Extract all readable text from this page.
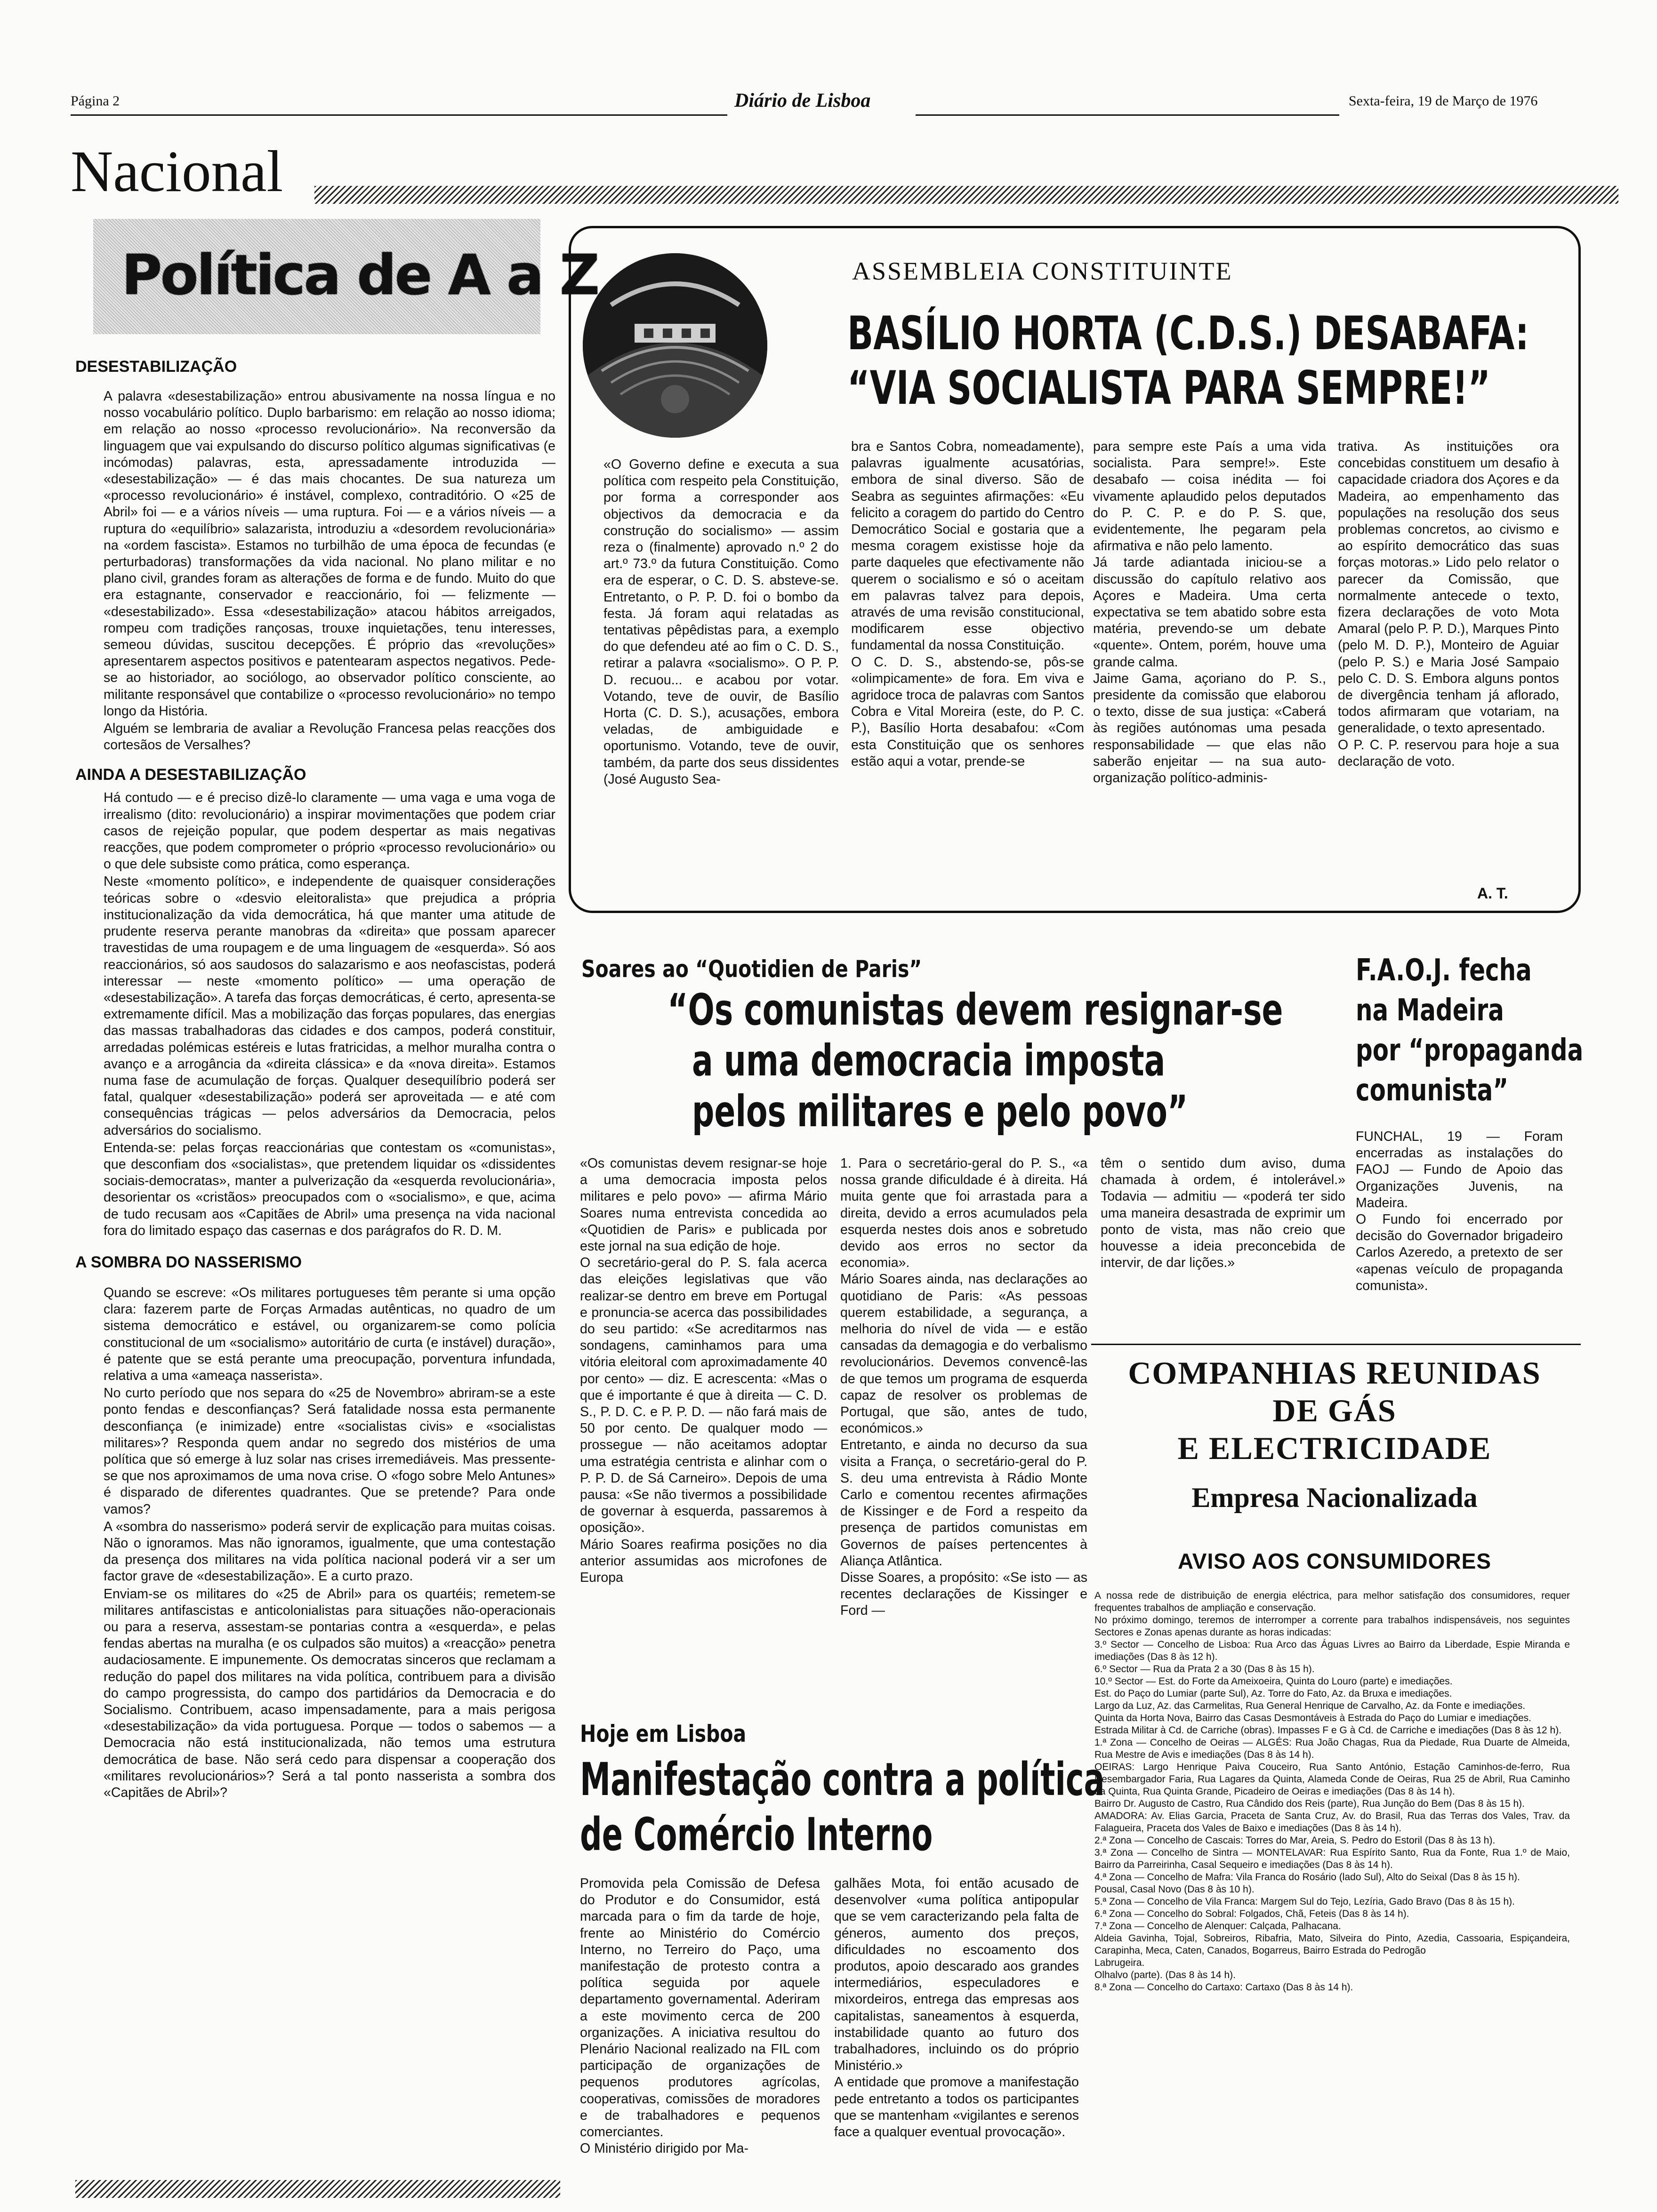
Página 2	Diário de Lisboa	Sexta-feira, 19 de Março de 1976
Nacional
Política de A a Z
DESESTABILIZAÇÃO

A palavra «desestabilização» entrou abusivamente na nossa língua e no nosso vocabulário político. Duplo barbarismo: em relação ao nosso idioma; em relação ao nosso «processo revolucionário». Na reconversão da linguagem que vai expulsando do discurso político algumas significativas (e incómodas) palavras, esta, apressadamente introduzida — «desestabilização» — é das mais chocantes. De sua natureza um «processo revolucionário» é instável, complexo, contraditório. O «25 de Abril» foi — e a vários níveis — uma ruptura. Foi — e a vários níveis — a ruptura do «equilíbrio» salazarista, introduziu a «desordem revolucionária» na «ordem fascista». Estamos no turbilhão de uma época de fecundas (e perturbadoras) transformações da vida nacional. No plano militar e no plano civil, grandes foram as alterações de forma e de fundo. Muito do que era estagnante, conservador e reaccionário, foi — felizmente — «desestabilizado». Essa «desestabilização» atacou hábitos arreigados, rompeu com tradições rançosas, trouxe inquietações, tenu interesses, semeou dúvidas, suscitou decepções. É próprio das «revoluções» apresentarem aspectos positivos e patentearam aspectos negativos. Pede-se ao historiador, ao sociólogo, ao observador político consciente, ao militante responsável que contabilize o «processo revolucionário» no tempo longo da História.

Alguém se lembraria de avaliar a Revolução Francesa pelas reacções dos cortesãos de Versalhes?

AINDA A DESESTABILIZAÇÃO

Há contudo — e é preciso dizê-lo claramente — uma vaga e uma voga de irrealismo (dito: revolucionário) a inspirar movimentações que podem criar casos de rejeição popular, que podem despertar as mais negativas reacções, que podem comprometer o próprio «processo revolucionário» ou o que dele subsiste como prática, como esperança.

Neste «momento político», e independente de quaisquer considerações teóricas sobre o «desvio eleitoralista» que prejudica a própria institucionalização da vida democrática, há que manter uma atitude de prudente reserva perante manobras da «direita» que possam aparecer travestidas de uma roupagem e de uma linguagem de «esquerda». Só aos reaccionários, só aos saudosos do salazarismo e aos neofascistas, poderá interessar — neste «momento político» — uma operação de «desestabilização». A tarefa das forças democráticas, é certo, apresenta-se extremamente difícil. Mas a mobilização das forças populares, das energias das massas trabalhadoras das cidades e dos campos, poderá constituir, arredadas polémicas estéreis e lutas fratricidas, a melhor muralha contra o avanço e a arrogância da «direita clássica» e da «nova direita». Estamos numa fase de acumulação de forças. Qualquer desequilíbrio poderá ser fatal, qualquer «desestabilização» poderá ser aproveitada — e até com consequências trágicas — pelos adversários da Democracia, pelos adversários do socialismo.

Entenda-se: pelas forças reaccionárias que contestam os «comunistas», que desconfiam dos «socialistas», que pretendem liquidar os «dissidentes sociais-democratas», manter a pulverização da «esquerda revolucionária», desorientar os «cristãos» preocupados com o «socialismo», e que, acima de tudo recusam aos «Capitães de Abril» uma presença na vida nacional fora do limitado espaço das casernas e dos parágrafos do R. D. M.

A SOMBRA DO NASSERISMO

Quando se escreve: «Os militares portugueses têm perante si uma opção clara: fazerem parte de Forças Armadas autênticas, no quadro de um sistema democrático e estável, ou organizarem-se como polícia constitucional de um «socialismo» autoritário de curta (e instável) duração», é patente que se está perante uma preocupação, porventura infundada, relativa a uma «ameaça nasserista».

No curto período que nos separa do «25 de Novembro» abriram-se a este ponto fendas e desconfianças? Será fatalidade nossa esta permanente desconfiança (e inimizade) entre «socialistas civis» e «socialistas militares»? Responda quem andar no segredo dos mistérios de uma política que só emerge à luz solar nas crises irremediáveis. Mas pressente-se que nos aproximamos de uma nova crise. O «fogo sobre Melo Antunes» é disparado de diferentes quadrantes. Que se pretende? Para onde vamos?

A «sombra do nasserismo» poderá servir de explicação para muitas coisas. Não o ignoramos. Mas não ignoramos, igualmente, que uma contestação da presença dos militares na vida política nacional poderá vir a ser um factor grave de «desestabilização». E a curto prazo.

Enviam-se os militares do «25 de Abril» para os quartéis; remetem-se militares antifascistas e anticolonialistas para situações não-operacionais ou para a reserva, assestam-se pontarias contra a «esquerda», e pelas fendas abertas na muralha (e os culpados são muitos) a «reacção» penetra audaciosamente. E impunemente. Os democratas sinceros que reclamam a redução do papel dos militares na vida política, contribuem para a divisão do campo progressista, do campo dos partidários da Democracia e do Socialismo. Contribuem, acaso impensadamente, para a mais perigosa «desestabilização» da vida portuguesa. Porque — todos o sabemos — a Democracia não está institucionalizada, não temos uma estrutura democrática de base. Não será cedo para dispensar a cooperação dos «militares revolucionários»? Será a tal ponto nasserista a sombra dos «Capitães de Abril»?

ASSEMBLEIA CONSTITUINTE
BASÍLIO HORTA (C.D.S.) DESABAFA:
“VIA SOCIALISTA PARA SEMPRE!”
«O Governo define e executa a sua política com respeito pela Constituição, por forma a corresponder aos objectivos da democracia e da construção do socialismo» — assim reza o (finalmente) aprovado n.º 2 do art.º 73.º da futura Constituição. Como era de esperar, o C. D. S. absteve-se. Entretanto, o P. P. D. foi o bombo da festa. Já foram aqui relatadas as tentativas pêpêdistas para, a exemplo do que defendeu até ao fim o C. D. S., retirar a palavra «socialismo». O P. P. D. recuou... e acabou por votar. Votando, teve de ouvir, de Basílio Horta (C. D. S.), acusações, embora veladas, de ambiguidade e oportunismo. Votando, teve de ouvir, também, da parte dos seus dissidentes (José Augusto Sea-
bra e Santos Cobra, nomeadamente), palavras igualmente acusatórias, embora de sinal diverso. São de Seabra as seguintes afirmações: «Eu felicito a coragem do partido do Centro Democrático Social e gostaria que a mesma coragem existisse hoje da parte daqueles que efectivamente não querem o socialismo e só o aceitam em palavras talvez para depois, através de uma revisão constitucional, modificarem esse objectivo fundamental da nossa Constituição.
O C. D. S., abstendo-se, pôs-se «olimpicamente» de fora. Em viva e agridoce troca de palavras com Santos Cobra e Vital Moreira (este, do P. C. P.), Basílio Horta desabafou: «Com esta Constituição que os senhores estão aqui a votar, prende-se
para sempre este País a uma vida socialista. Para sempre!». Este desabafo — coisa inédita — foi vivamente aplaudido pelos deputados do P. C. P. e do P. S. que, evidentemente, lhe pegaram pela afirmativa e não pelo lamento.
Já tarde adiantada iniciou-se a discussão do capítulo relativo aos Açores e Madeira. Uma certa expectativa se tem abatido sobre esta matéria, prevendo-se um debate «quente». Ontem, porém, houve uma grande calma.
Jaime Gama, açoriano do P. S., presidente da comissão que elaborou o texto, disse de sua justiça: «Caberá às regiões autónomas uma pesada responsabilidade — que elas não saberão enjeitar — na sua auto-organização político-adminis-
trativa. As instituições ora concebidas constituem um desafio à capacidade criadora dos Açores e da Madeira, ao empenhamento das populações na resolução dos seus problemas concretos, ao civismo e ao espírito democrático das suas forças motoras.» Lido pelo relator o parecer da Comissão, que normalmente antecede o texto, fizera declarações de voto Mota Amaral (pelo P. P. D.), Marques Pinto (pelo M. D. P.), Monteiro de Aguiar (pelo P. S.) e Maria José Sampaio pelo C. D. S. Embora alguns pontos de divergência tenham já aflorado, todos afirmaram que votariam, na generalidade, o texto apresentado.
O P. C. P. reservou para hoje a sua declaração de voto.
A. T.
Soares ao “Quotidien de Paris”
“Os comunistas devem resignar-se
a uma democracia imposta
pelos militares e pelo povo”
«Os comunistas devem resignar-se hoje a uma democracia imposta pelos militares e pelo povo» — afirma Mário Soares numa entrevista concedida ao «Quotidien de Paris» e publicada por este jornal na sua edição de hoje.
O secretário-geral do P. S. fala acerca das eleições legislativas que vão realizar-se dentro em breve em Portugal e pronuncia-se acerca das possibilidades do seu partido: «Se acreditarmos nas sondagens, caminhamos para uma vitória eleitoral com aproximadamente 40 por cento» — diz. E acrescenta: «Mas o que é importante é que à direita — C. D. S., P. D. C. e P. P. D. — não fará mais de 50 por cento. De qualquer modo — prossegue — não aceitamos adoptar uma estratégia centrista e alinhar com o P. P. D. de Sá Carneiro». Depois de uma pausa: «Se não tivermos a possibilidade de governar à esquerda, passaremos à oposição».
Mário Soares reafirma posições no dia anterior assumidas aos microfones de Europa
1. Para o secretário-geral do P. S., «a nossa grande dificuldade é à direita. Há muita gente que foi arrastada para a direita, devido a erros acumulados pela esquerda nestes dois anos e sobretudo devido aos erros no sector da economia».
Mário Soares ainda, nas declarações ao quotidiano de Paris: «As pessoas querem estabilidade, a segurança, a melhoria do nível de vida — e estão cansadas da demagogia e do verbalismo revolucionários. Devemos convencê-las de que temos um programa de esquerda capaz de resolver os problemas de Portugal, que são, antes de tudo, económicos.»
Entretanto, e ainda no decurso da sua visita a França, o secretário-geral do P. S. deu uma entrevista à Rádio Monte Carlo e comentou recentes afirmações de Kissinger e de Ford a respeito da presença de partidos comunistas em Governos de países pertencentes à Aliança Atlântica.
Disse Soares, a propósito: «Se isto — as recentes declarações de Kissinger e Ford —
têm o sentido dum aviso, duma chamada à ordem, é intolerável.» Todavia — admitiu — «poderá ter sido uma maneira desastrada de exprimir um ponto de vista, mas não creio que houvesse a ideia preconcebida de intervir, de dar lições.»
F.A.O.J. fecha
na Madeira
por “propaganda
comunista”
FUNCHAL, 19 — Foram encerradas as instalações do FAOJ — Fundo de Apoio das Organizações Juvenis, na Madeira.
O Fundo foi encerrado por decisão do Governador brigadeiro Carlos Azeredo, a pretexto de ser «apenas veículo de propaganda comunista».
COMPANHIAS REUNIDAS
DE GÁS
E ELECTRICIDADE
Empresa Nacionalizada
AVISO AOS CONSUMIDORES

A nossa rede de distribuição de energia eléctrica, para melhor satisfação dos consumidores, requer frequentes trabalhos de ampliação e conservação.

No próximo domingo, teremos de interromper a corrente para trabalhos indispensáveis, nos seguintes Sectores e Zonas apenas durante as horas indicadas:

3.º Sector — Concelho de Lisboa: Rua Arco das Águas Livres ao Bairro da Liberdade, Espie Miranda e imediações (Das 8 às 12 h).

6.º Sector — Rua da Prata 2 a 30 (Das 8 às 15 h).

10.º Sector — Est. do Forte da Ameixoeira, Quinta do Louro (parte) e imediações.

Est. do Paço do Lumiar (parte Sul), Az. Torre do Fato, Az. da Bruxa e imediações.

Largo da Luz, Az. das Carmelitas, Rua General Henrique de Carvalho, Az. da Fonte e imediações.

Quinta da Horta Nova, Bairro das Casas Desmontáveis à Estrada do Paço do Lumiar e imediações.

Estrada Militar à Cd. de Carriche (obras). Impasses F e G à Cd. de Carriche e imediações (Das 8 às 12 h).

1.ª Zona — Concelho de Oeiras — ALGÉS: Rua João Chagas, Rua da Piedade, Rua Duarte de Almeida, Rua Mestre de Avis e imediações (Das 8 às 14 h).

OEIRAS: Largo Henrique Paiva Couceiro, Rua Santo António, Estação Caminhos-de-ferro, Rua Desembargador Faria, Rua Lagares da Quinta, Alameda Conde de Oeiras, Rua 25 de Abril, Rua Caminho da Quinta, Rua Quinta Grande, Picadeiro de Oeiras e imediações (Das 8 às 14 h).

Bairro Dr. Augusto de Castro, Rua Cândido dos Reis (parte), Rua Junção do Bem (Das 8 às 15 h).

AMADORA: Av. Elias Garcia, Praceta de Santa Cruz, Av. do Brasil, Rua das Terras dos Vales, Trav. da Falagueira, Praceta dos Vales de Baixo e imediações (Das 8 às 14 h).

2.ª Zona — Concelho de Cascais: Torres do Mar, Areia, S. Pedro do Estoril (Das 8 às 13 h).

3.ª Zona — Concelho de Sintra — MONTELAVAR: Rua Espírito Santo, Rua da Fonte, Rua 1.º de Maio, Bairro da Parreirinha, Casal Sequeiro e imediações (Das 8 às 14 h).

4.ª Zona — Concelho de Mafra: Vila Franca do Rosário (lado Sul), Alto do Seixal (Das 8 às 15 h).

Pousal, Casal Novo (Das 8 às 10 h).

5.ª Zona — Concelho de Vila Franca: Margem Sul do Tejo, Lezíria, Gado Bravo (Das 8 às 15 h).

6.ª Zona — Concelho do Sobral: Folgados, Chã, Feteis (Das 8 às 14 h).

7.ª Zona — Concelho de Alenquer: Calçada, Palhacana.

Aldeia Gavinha, Tojal, Sobreiros, Ribafria, Mato, Silveira do Pinto, Azedia, Cassoaria, Espiçandeira, Carapinha, Meca, Caten, Canados, Bogarreus, Bairro Estrada do Pedrogão

Labrugeira.

Olhalvo (parte). (Das 8 às 14 h).

8.ª Zona — Concelho do Cartaxo: Cartaxo (Das 8 às 14 h).

Hoje em Lisboa
Manifestação contra a política
de Comércio Interno
Promovida pela Comissão de Defesa do Produtor e do Consumidor, está marcada para o fim da tarde de hoje, frente ao Ministério do Comércio Interno, no Terreiro do Paço, uma manifestação de protesto contra a política seguida por aquele departamento governamental. Aderiram a este movimento cerca de 200 organizações. A iniciativa resultou do Plenário Nacional realizado na FIL com participação de organizações de pequenos produtores agrícolas, cooperativas, comissões de moradores e de trabalhadores e pequenos comerciantes.
O Ministério dirigido por Ma-
galhães Mota, foi então acusado de desenvolver «uma política antipopular que se vem caracterizando pela falta de géneros, aumento dos preços, dificuldades no escoamento dos produtos, apoio descarado aos grandes intermediários, especuladores e mixordeiros, entrega das empresas aos capitalistas, saneamentos à esquerda, instabilidade quanto ao futuro dos trabalhadores, incluindo os do próprio Ministério.»
A entidade que promove a manifestação pede entretanto a todos os participantes que se mantenham «vigilantes e serenos face a qualquer eventual provocação».
